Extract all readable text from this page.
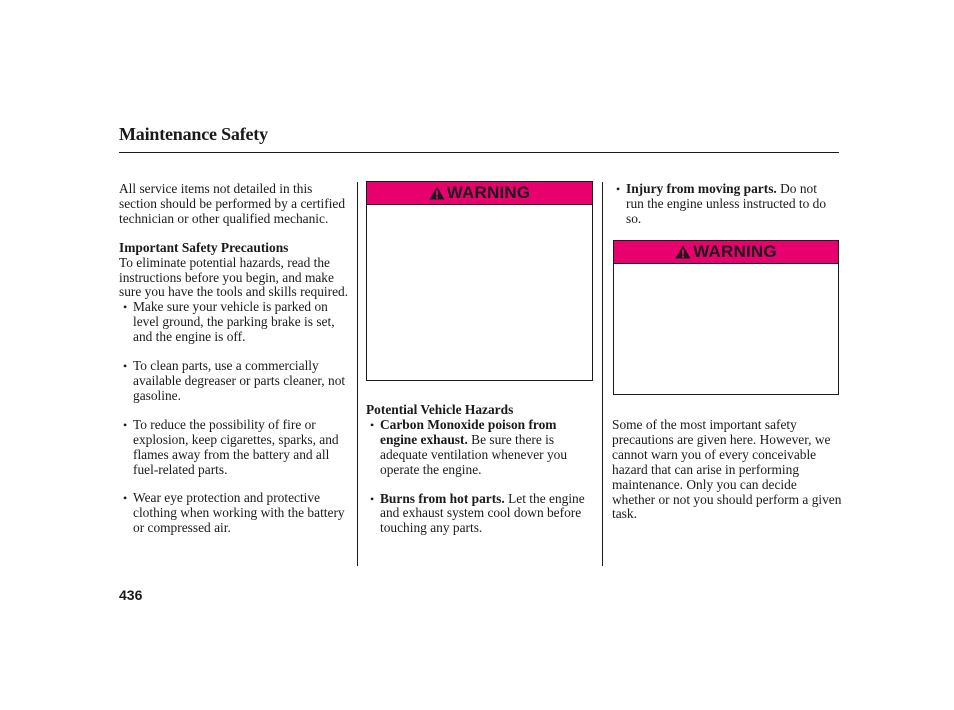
Maintenance Safety

All service items not detailed in this section should be performed by a certified technician or other qualified mechanic.

Important Safety Precautions

To eliminate potential hazards, read the instructions before you begin, and make sure you have the tools and skills required.

• Make sure your vehicle is parked on level ground, the parking brake is set, and the engine is off.

• To clean parts, use a commercially available degreaser or parts cleaner, not gasoline.

• To reduce the possibility of fire or explosion, keep cigarettes, sparks, and flames away from the battery and all fuel-related parts.

• Wear eye protection and protective clothing when working with the battery or compressed air.

WARNING

Potential Vehicle Hazards

• Carbon Monoxide poison from engine exhaust. Be sure there is adequate ventilation whenever you operate the engine.

• Burns from hot parts. Let the engine and exhaust system cool down before touching any parts.

• Injury from moving parts. Do not run the engine unless instructed to do so.

WARNING

Some of the most important safety precautions are given here. However, we cannot warn you of every conceivable hazard that can arise in performing maintenance. Only you can decide whether or not you should perform a given task.

436
